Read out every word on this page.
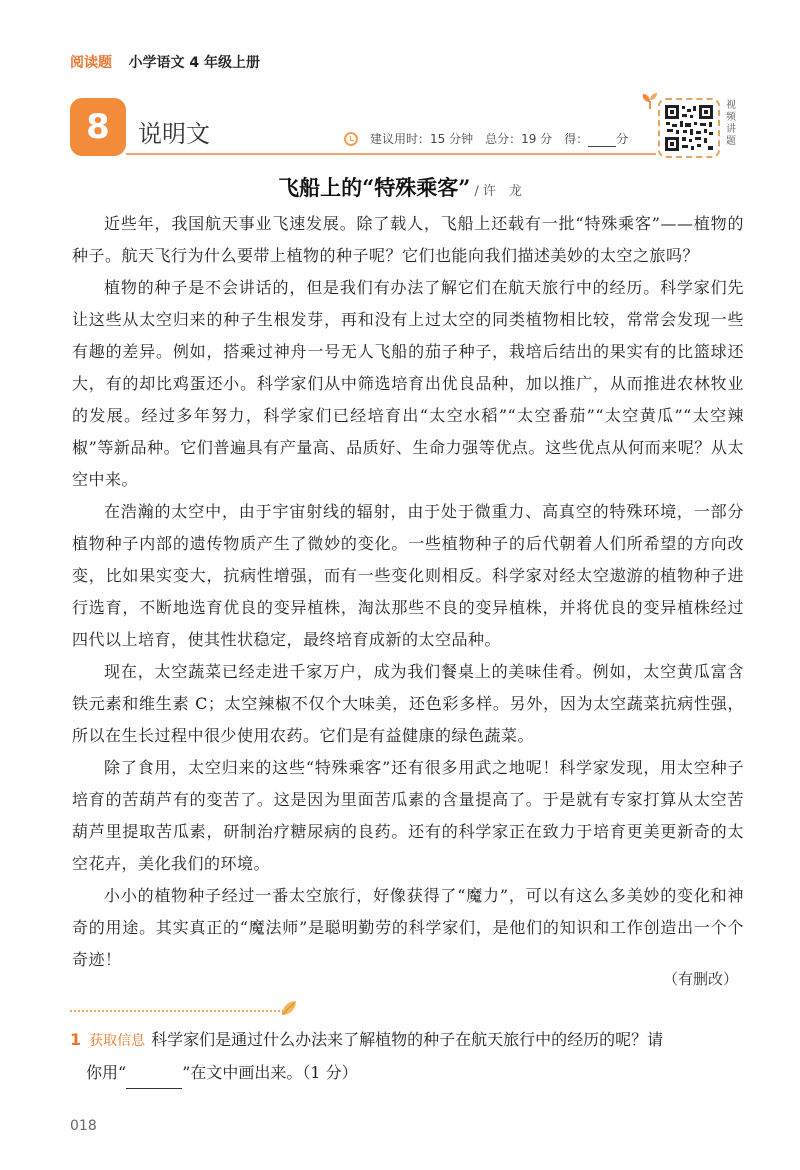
阅读题 小学语文 4 年级上册
8	说明文	建议用时：15 分钟 总分：19 分 得： 分
视频讲题
飞船上的“特殊乘客” / 许　龙

近些年，我国航天事业飞速发展。除了载人，飞船上还载有一批“特殊乘客”——植物的种子。航天飞行为什么要带上植物的种子呢？它们也能向我们描述美妙的太空之旅吗？

植物的种子是不会讲话的，但是我们有办法了解它们在航天旅行中的经历。科学家们先让这些从太空归来的种子生根发芽，再和没有上过太空的同类植物相比较，常常会发现一些有趣的差异。例如，搭乘过神舟一号无人飞船的茄子种子，栽培后结出的果实有的比篮球还大，有的却比鸡蛋还小。科学家们从中筛选培育出优良品种，加以推广，从而推进农林牧业的发展。经过多年努力，科学家们已经培育出“太空水稻”“太空番茄”“太空黄瓜”“太空辣椒”等新品种。它们普遍具有产量高、品质好、生命力强等优点。这些优点从何而来呢？从太空中来。

在浩瀚的太空中，由于宇宙射线的辐射，由于处于微重力、高真空的特殊环境，一部分植物种子内部的遗传物质产生了微妙的变化。一些植物种子的后代朝着人们所希望的方向改变，比如果实变大，抗病性增强，而有一些变化则相反。科学家对经太空遨游的植物种子进行选育，不断地选育优良的变异植株，淘汰那些不良的变异植株，并将优良的变异植株经过四代以上培育，使其性状稳定，最终培育成新的太空品种。

现在，太空蔬菜已经走进千家万户，成为我们餐桌上的美味佳肴。例如，太空黄瓜富含铁元素和维生素 C；太空辣椒不仅个大味美，还色彩多样。另外，因为太空蔬菜抗病性强，所以在生长过程中很少使用农药。它们是有益健康的绿色蔬菜。

除了食用，太空归来的这些“特殊乘客”还有很多用武之地呢！科学家发现，用太空种子培育的苦葫芦有的变苦了。这是因为里面苦瓜素的含量提高了。于是就有专家打算从太空苦葫芦里提取苦瓜素，研制治疗糖尿病的良药。还有的科学家正在致力于培育更美更新奇的太空花卉，美化我们的环境。

小小的植物种子经过一番太空旅行，好像获得了“魔力”，可以有这么多美妙的变化和神奇的用途。其实真正的“魔法师”是聪明勤劳的科学家们，是他们的知识和工作创造出一个个奇迹！

（有删改）
1 获取信息 科学家们是通过什么办法来了解植物的种子在航天旅行中的经历的呢？请
你用“	”在文中画出来。（1 分）
018
